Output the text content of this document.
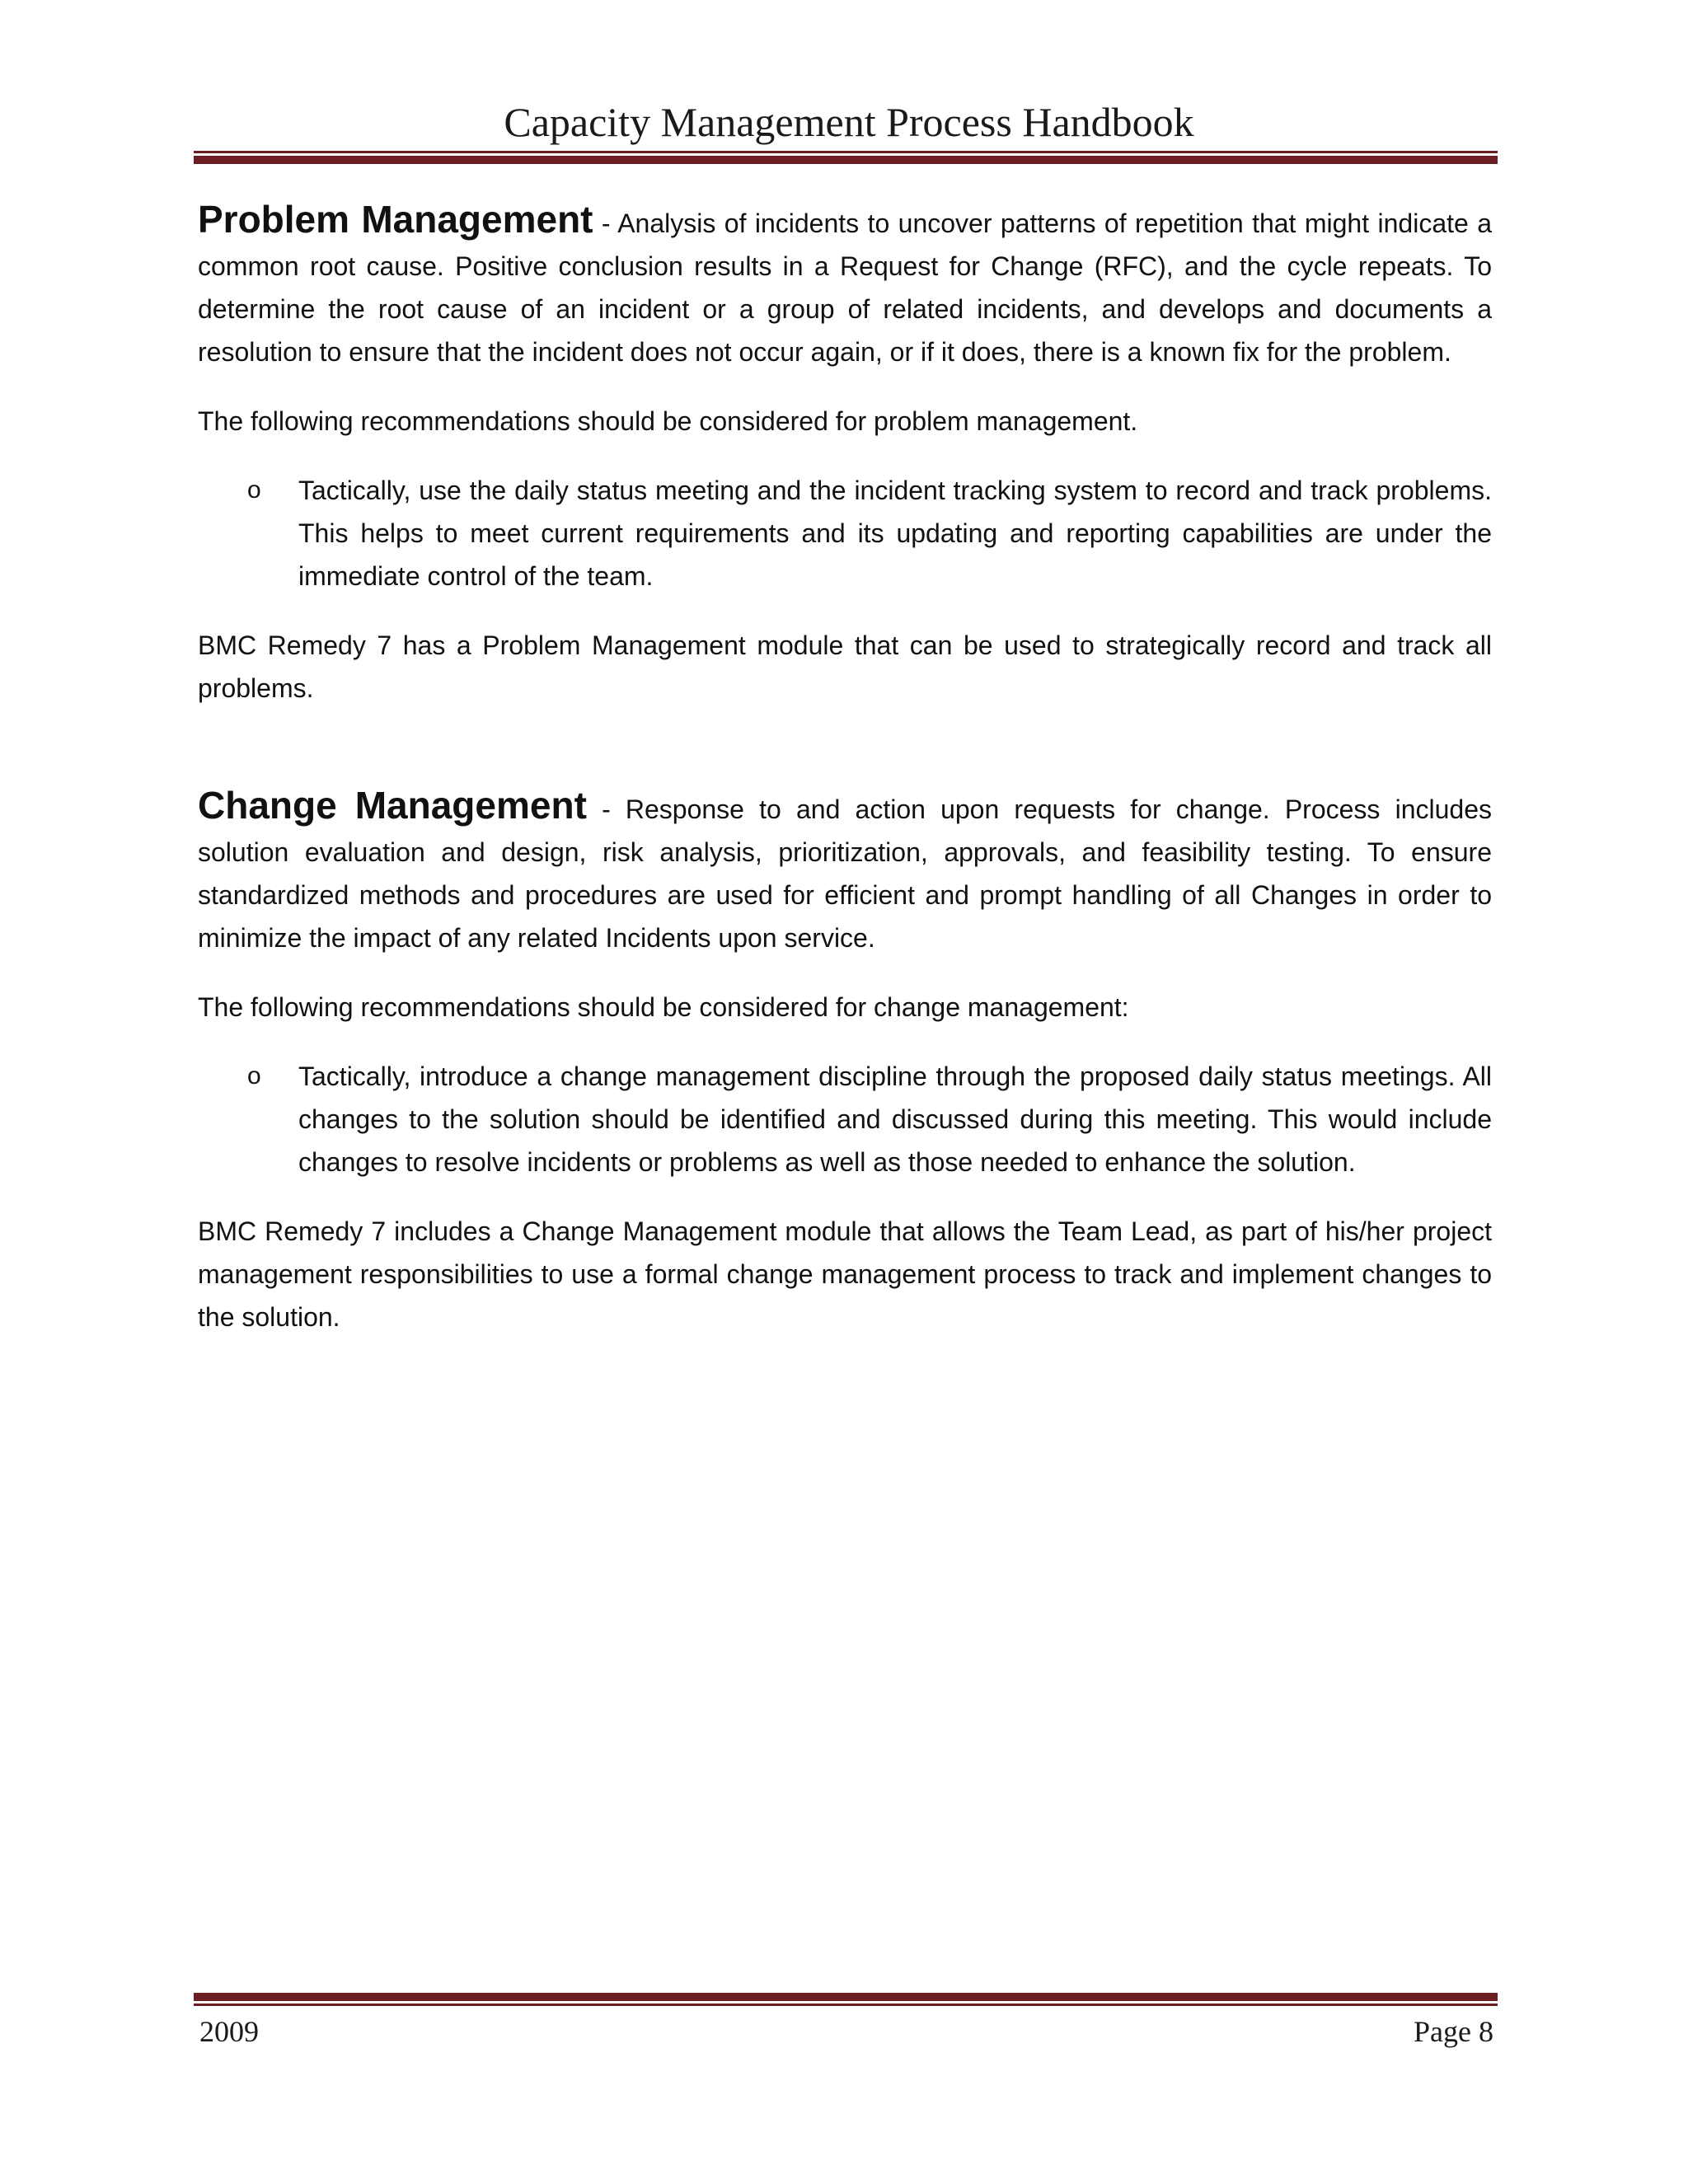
Capacity Management Process Handbook

Problem Management - Analysis of incidents to uncover patterns of repetition that might indicate a common root cause. Positive conclusion results in a Request for Change (RFC), and the cycle repeats. To determine the root cause of an incident or a group of related incidents, and develops and documents a resolution to ensure that the incident does not occur again, or if it does, there is a known fix for the problem.

The following recommendations should be considered for problem management.

o Tactically, use the daily status meeting and the incident tracking system to record and track problems. This helps to meet current requirements and its updating and reporting capabilities are under the immediate control of the team.

BMC Remedy 7 has a Problem Management module that can be used to strategically record and track all problems.

Change Management - Response to and action upon requests for change. Process includes solution evaluation and design, risk analysis, prioritization, approvals, and feasibility testing. To ensure standardized methods and procedures are used for efficient and prompt handling of all Changes in order to minimize the impact of any related Incidents upon service.

The following recommendations should be considered for change management:

o Tactically, introduce a change management discipline through the proposed daily status meetings. All changes to the solution should be identified and discussed during this meeting. This would include changes to resolve incidents or problems as well as those needed to enhance the solution.

BMC Remedy 7 includes a Change Management module that allows the Team Lead, as part of his/her project management responsibilities to use a formal change management process to track and implement changes to the solution.

2009	Page 8
